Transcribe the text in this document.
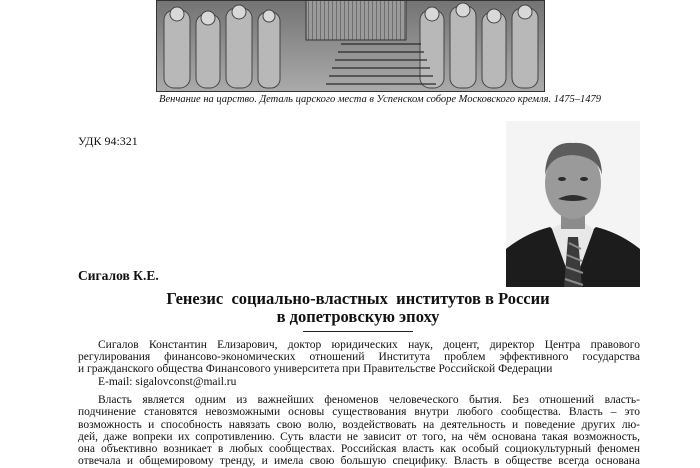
Венчание на царство. Деталь царского места в Успенском соборе Московского кремля. 1475–1479
УДК 94:321
Сигалов К.Е.
Генезис  социально-властных  институтов в России
в допетровскую эпоху
Сигалов Константин Елизарович, доктор юридических наук, доцент, директор Центра правового
регулирования финансово-экономических отношений Института проблем эффективного государства
и гражданского общества Финансового университета при Правительстве Российской Федерации
E-mail: sigalovconst@mail.ru
Власть является одним из важнейших феноменов человеческого бытия. Без отношений власть-
подчинение становятся невозможными основы существования внутри любого сообщества. Власть – это
возможность и способность навязать свою волю, воздействовать на деятельность и поведение других лю-
дей, даже вопреки их сопротивлению. Суть власти не зависит от того, на чём основана такая возможность,
она объективно возникает в любых сообществах. Российская власть как особый социокультурный феномен
отвечала и общемировому тренду, и имела свою большую специфику. Власть в обществе всегда основана
